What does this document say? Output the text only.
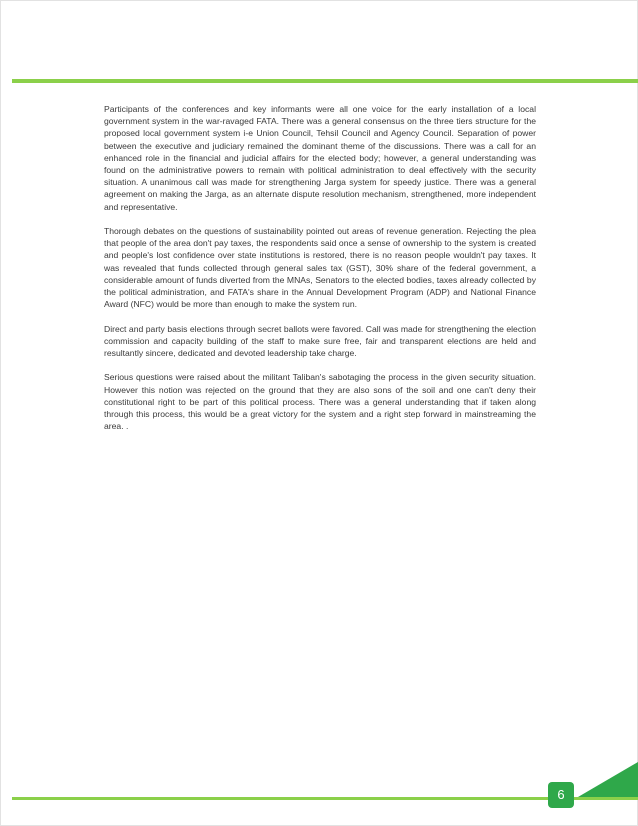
Participants of the conferences and key informants were all one voice for the early installation of a local government system in the war-ravaged FATA. There was a general consensus on the three tiers structure for the proposed local government system i-e Union Council, Tehsil Council and Agency Council. Separation of power between the executive and judiciary remained the dominant theme of the discussions. There was a call for an enhanced role in the financial and judicial affairs for the elected body; however, a general understanding was found on the administrative powers to remain with political administration to deal effectively with the security situation. A unanimous call was made for strengthening Jarga system for speedy justice. There was a general agreement on making the Jarga, as an alternate dispute resolution mechanism, strengthened, more independent and representative.

Thorough debates on the questions of sustainability pointed out areas of revenue generation. Rejecting the plea that people of the area don't pay taxes, the respondents said once a sense of ownership to the system is created and people's lost confidence over state institutions is restored, there is no reason people wouldn't pay taxes. It was revealed that funds collected through general sales tax (GST), 30% share of the federal government, a considerable amount of funds diverted from the MNAs, Senators to the elected bodies, taxes already collected by the political administration, and FATA's share in the Annual Development Program (ADP) and National Finance Award (NFC) would be more than enough to make the system run.

Direct and party basis elections through secret ballots were favored. Call was made for strengthening the election commission and capacity building of the staff to make sure free, fair and transparent elections are held and resultantly sincere, dedicated and devoted leadership take charge.

Serious questions were raised about the militant Taliban's sabotaging the process in the given security situation. However this notion was rejected on the ground that they are also sons of the soil and one can't deny their constitutional right to be part of this political process. There was a general understanding that if taken along through this process, this would be a great victory for the system and a right step forward in mainstreaming the area. .

6
